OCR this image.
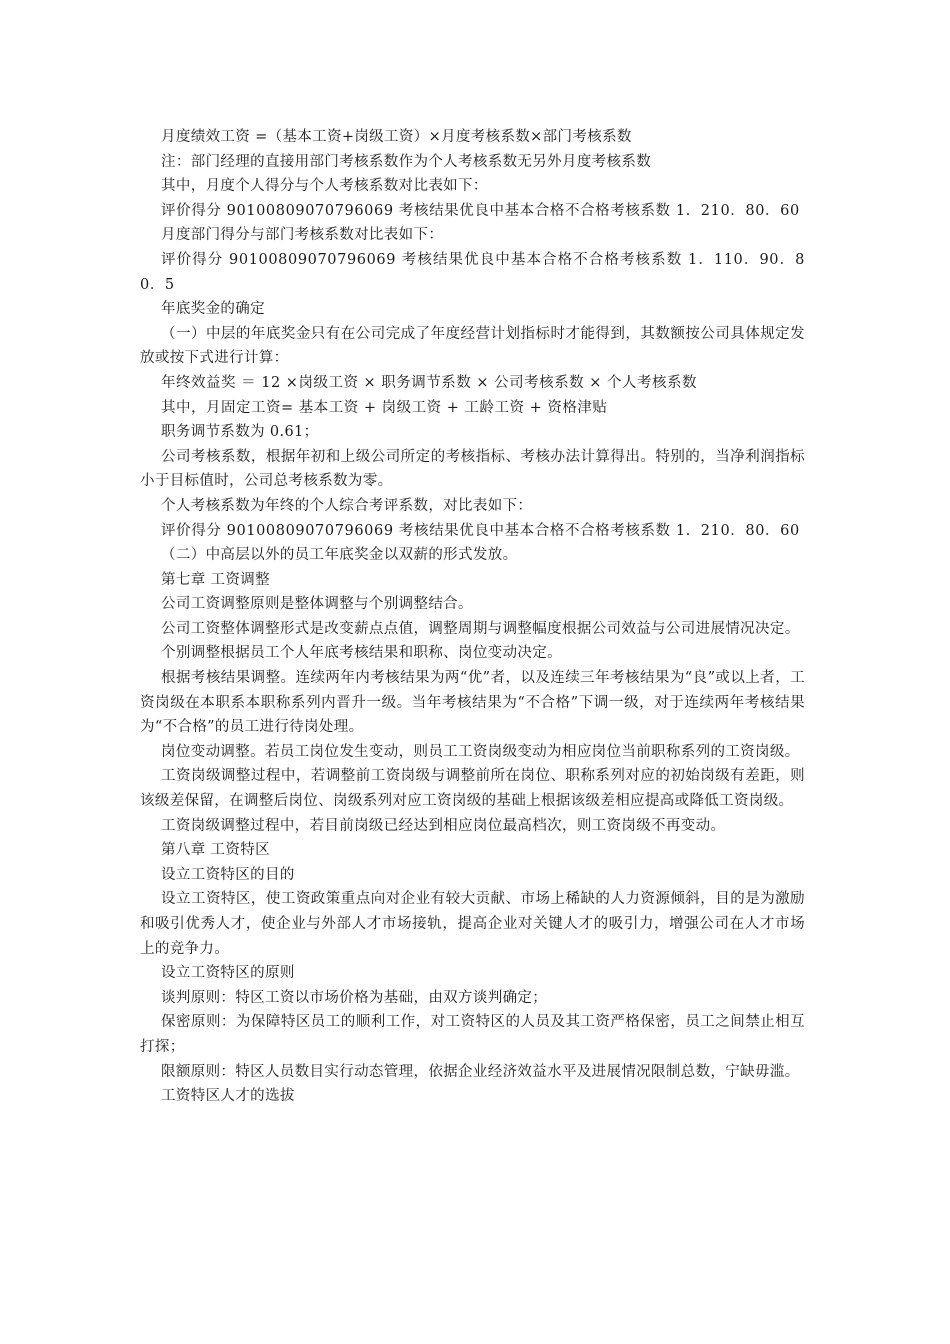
月度绩效工资 =（基本工资+岗级工资）×月度考核系数×部门考核系数

注：部门经理的直接用部门考核系数作为个人考核系数无另外月度考核系数

其中，月度个人得分与个人考核系数对比表如下：

评价得分 90100809070796069 考核结果优良中基本合格不合格考核系数 1．210．80．60

月度部门得分与部门考核系数对比表如下：

评价得分 90100809070796069 考核结果优良中基本合格不合格考核系数 1．110．90．80．5

年底奖金的确定

（一）中层的年底奖金只有在公司完成了年度经营计划指标时才能得到，其数额按公司具体规定发放或按下式进行计算：

年终效益奖 ＝ 12 ×岗级工资 × 职务调节系数 × 公司考核系数 × 个人考核系数

其中，月固定工资= 基本工资 + 岗级工资 + 工龄工资 + 资格津贴

职务调节系数为 0.61；

公司考核系数，根据年初和上级公司所定的考核指标、考核办法计算得出。特别的，当净利润指标小于目标值时，公司总考核系数为零。

个人考核系数为年终的个人综合考评系数，对比表如下：

评价得分 90100809070796069 考核结果优良中基本合格不合格考核系数 1．210．80．60

（二）中高层以外的员工年底奖金以双薪的形式发放。

第七章 工资调整

公司工资调整原则是整体调整与个别调整结合。

公司工资整体调整形式是改变薪点点值，调整周期与调整幅度根据公司效益与公司进展情况决定。

个别调整根据员工个人年底考核结果和职称、岗位变动决定。

根据考核结果调整。连续两年内考核结果为两“优”者，以及连续三年考核结果为“良”或以上者，工资岗级在本职系本职称系列内晋升一级。当年考核结果为“不合格”下调一级，对于连续两年考核结果为“不合格”的员工进行待岗处理。

岗位变动调整。若员工岗位发生变动，则员工工资岗级变动为相应岗位当前职称系列的工资岗级。

工资岗级调整过程中，若调整前工资岗级与调整前所在岗位、职称系列对应的初始岗级有差距，则该级差保留，在调整后岗位、岗级系列对应工资岗级的基础上根据该级差相应提高或降低工资岗级。

工资岗级调整过程中，若目前岗级已经达到相应岗位最高档次，则工资岗级不再变动。

第八章 工资特区

设立工资特区的目的

设立工资特区，使工资政策重点向对企业有较大贡献、市场上稀缺的人力资源倾斜，目的是为激励和吸引优秀人才，使企业与外部人才市场接轨，提高企业对关键人才的吸引力，增强公司在人才市场上的竞争力。

设立工资特区的原则

谈判原则：特区工资以市场价格为基础，由双方谈判确定；

保密原则：为保障特区员工的顺利工作，对工资特区的人员及其工资严格保密，员工之间禁止相互打探；

限额原则：特区人员数目实行动态管理，依据企业经济效益水平及进展情况限制总数，宁缺毋滥。

工资特区人才的选拔
